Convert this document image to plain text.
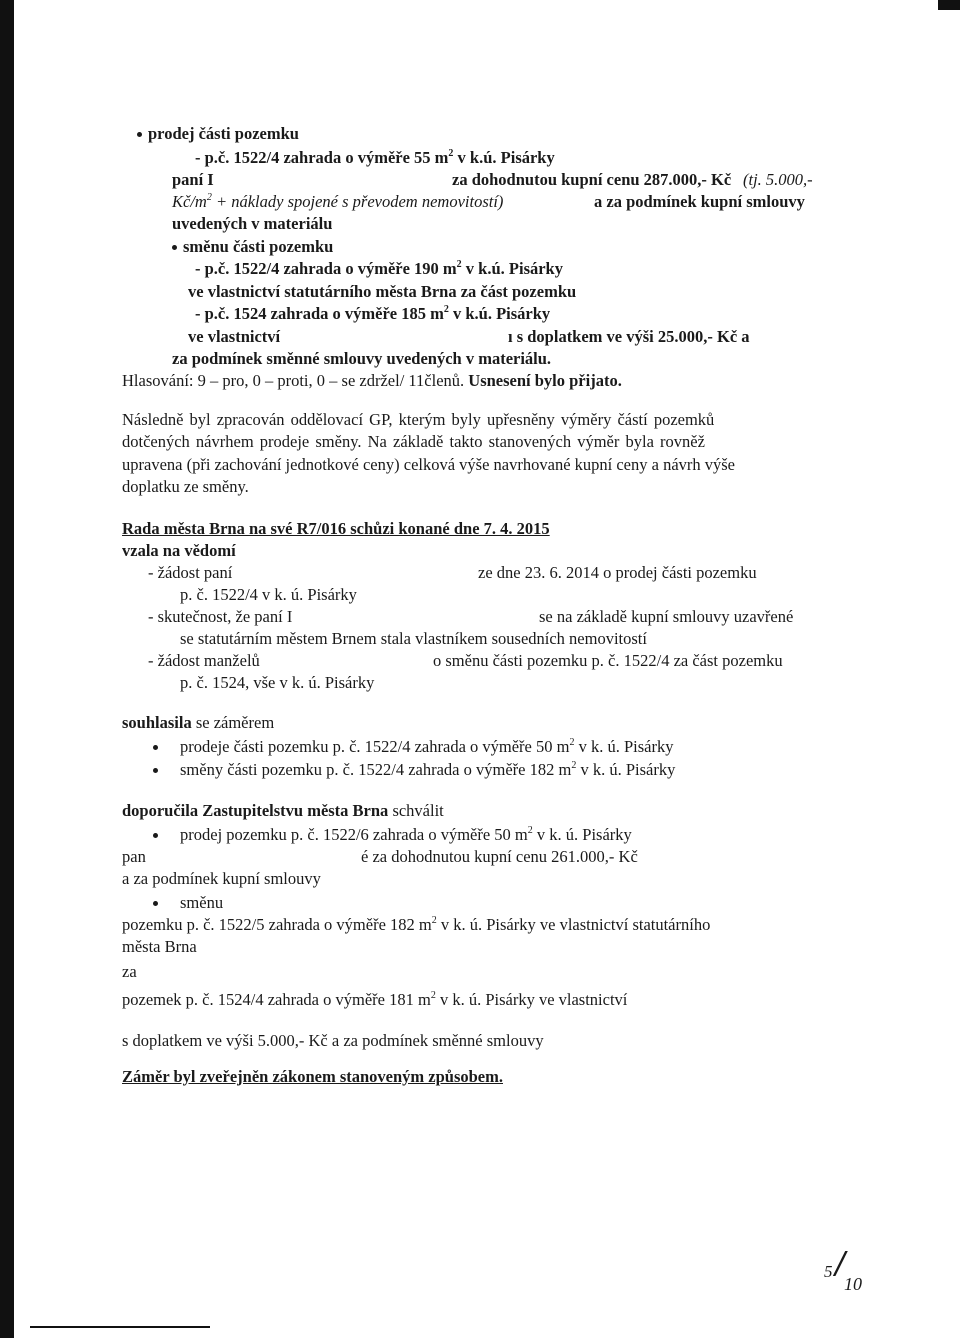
prodej části pozemku
- p.č. 1522/4 zahrada o výměře 55 $m^2$ v k.ú. Pisárky
paní I	za dohodnutou kupní cenu 287.000,- Kč (tj. 5.000,-
$Kč/m^2$ + náklady spojené s převodem nemovitostí)	a za podmínek kupní smlouvy
uvedených v materiálu
směnu části pozemku
- p.č. 1522/4 zahrada o výměře 190 $m^2$ v k.ú. Pisárky
ve vlastnictví statutárního města Brna za část pozemku
- p.č. 1524 zahrada o výměře 185 $m^2$ v k.ú. Pisárky
ve vlastnictví	ı s doplatkem ve výši 25.000,- Kč a
za podmínek směnné smlouvy uvedených v materiálu.
Hlasování: 9 – pro, 0 – proti, 0 – se zdržel/ 11členů. Usnesení bylo přijato.
Následně byl zpracován oddělovací GP, kterým byly upřesněny výměry částí pozemků
dotčených návrhem prodeje směny. Na základě takto stanovených výměr byla rovněž
upravena (při zachování jednotkové ceny) celková výše navrhované kupní ceny a návrh výše
doplatku ze směny.
Rada města Brna na své R7/016 schůzi konané dne 7. 4. 2015
vzala na vědomí
- žádost paní	ze dne 23. 6. 2014 o prodej části pozemku
p. č. 1522/4 v k. ú. Pisárky
- skutečnost, že paní I	se na základě kupní smlouvy uzavřené
se statutárním městem Brnem stala vlastníkem sousedních nemovitostí
- žádost manželů	o směnu části pozemku p. č. 1522/4 za část pozemku
p. č. 1524, vše v k. ú. Pisárky
souhlasila se záměrem
prodeje části pozemku p. č. 1522/4 zahrada o výměře 50 $m^2$ v k. ú. Pisárky
směny části pozemku p. č. 1522/4 zahrada o výměře 182 $m^2$ v k. ú. Pisárky
doporučila Zastupitelstvu města Brna schválit
prodej pozemku p. č. 1522/6 zahrada o výměře 50 $m^2$ v k. ú. Pisárky
pan	é za dohodnutou kupní cenu 261.000,- Kč
a za podmínek kupní smlouvy
směnu
pozemku p. č. 1522/5 zahrada o výměře 182 $m^2$ v k. ú. Pisárky ve vlastnictví statutárního
města Brna
za
pozemek p. č. 1524/4 zahrada o výměře 181 $m^2$ v k. ú. Pisárky ve vlastnictví
s doplatkem ve výši 5.000,- Kč a za podmínek směnné smlouvy
Záměr byl zveřejněn zákonem stanoveným způsobem.
5 /
10
